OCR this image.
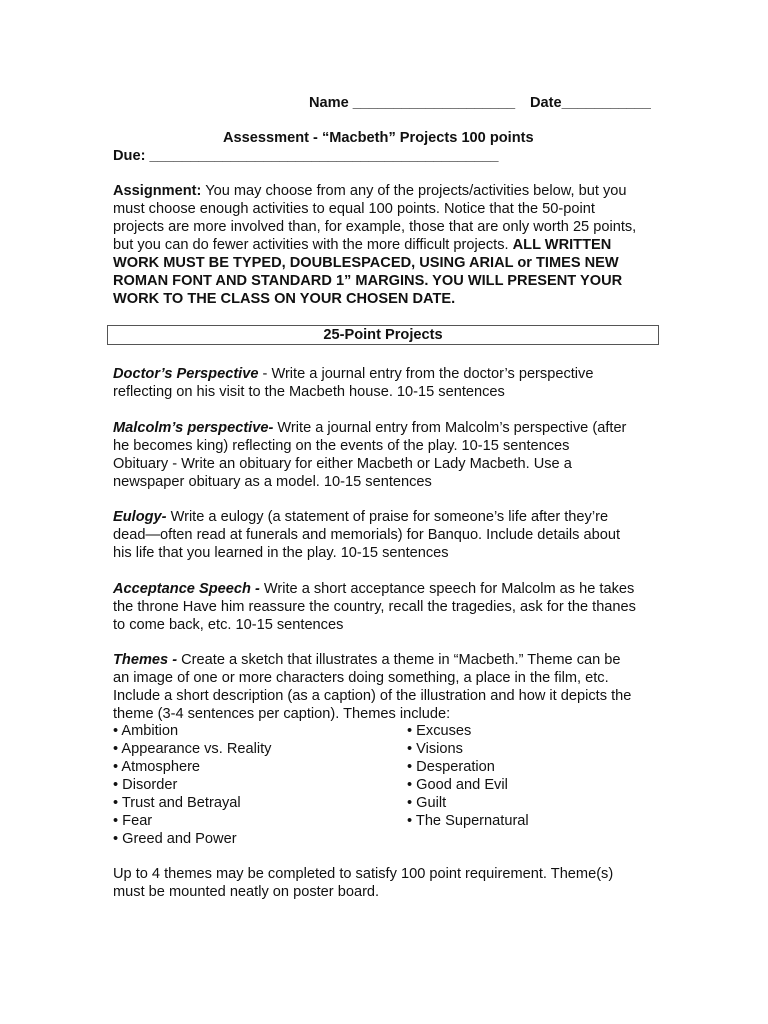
Name ____________________ Date___________
Assessment - “Macbeth” Projects 100 points
Due: ___________________________________________
Assignment: You may choose from any of the projects/activities below, but you
must choose enough activities to equal 100 points. Notice that the 50-point
projects are more involved than, for example, those that are only worth 25 points,
but you can do fewer activities with the more difficult projects. ALL WRITTEN
WORK MUST BE TYPED, DOUBLESPACED, USING ARIAL or TIMES NEW
ROMAN FONT AND STANDARD 1” MARGINS. YOU WILL PRESENT YOUR
WORK TO THE CLASS ON YOUR CHOSEN DATE.
25-Point Projects
Doctor’s Perspective - Write a journal entry from the doctor’s perspective
reflecting on his visit to the Macbeth house. 10-15 sentences
Malcolm’s perspective- Write a journal entry from Malcolm’s perspective (after
he becomes king) reflecting on the events of the play. 10-15 sentences
Obituary - Write an obituary for either Macbeth or Lady Macbeth. Use a
newspaper obituary as a model. 10-15 sentences
Eulogy- Write a eulogy (a statement of praise for someone’s life after they’re
dead—often read at funerals and memorials) for Banquo. Include details about
his life that you learned in the play. 10-15 sentences
Acceptance Speech - Write a short acceptance speech for Malcolm as he takes
the throne Have him reassure the country, recall the tragedies, ask for the thanes
to come back, etc. 10-15 sentences
Themes - Create a sketch that illustrates a theme in “Macbeth.” Theme can be
an image of one or more characters doing something, a place in the film, etc.
Include a short description (as a caption) of the illustration and how it depicts the
theme (3-4 sentences per caption). Themes include:
• Ambition
• Appearance vs. Reality
• Atmosphere
• Disorder
• Trust and Betrayal
• Fear
• Greed and Power
• Excuses
• Visions
• Desperation
• Good and Evil
• Guilt
• The Supernatural
Up to 4 themes may be completed to satisfy 100 point requirement. Theme(s)
must be mounted neatly on poster board.
